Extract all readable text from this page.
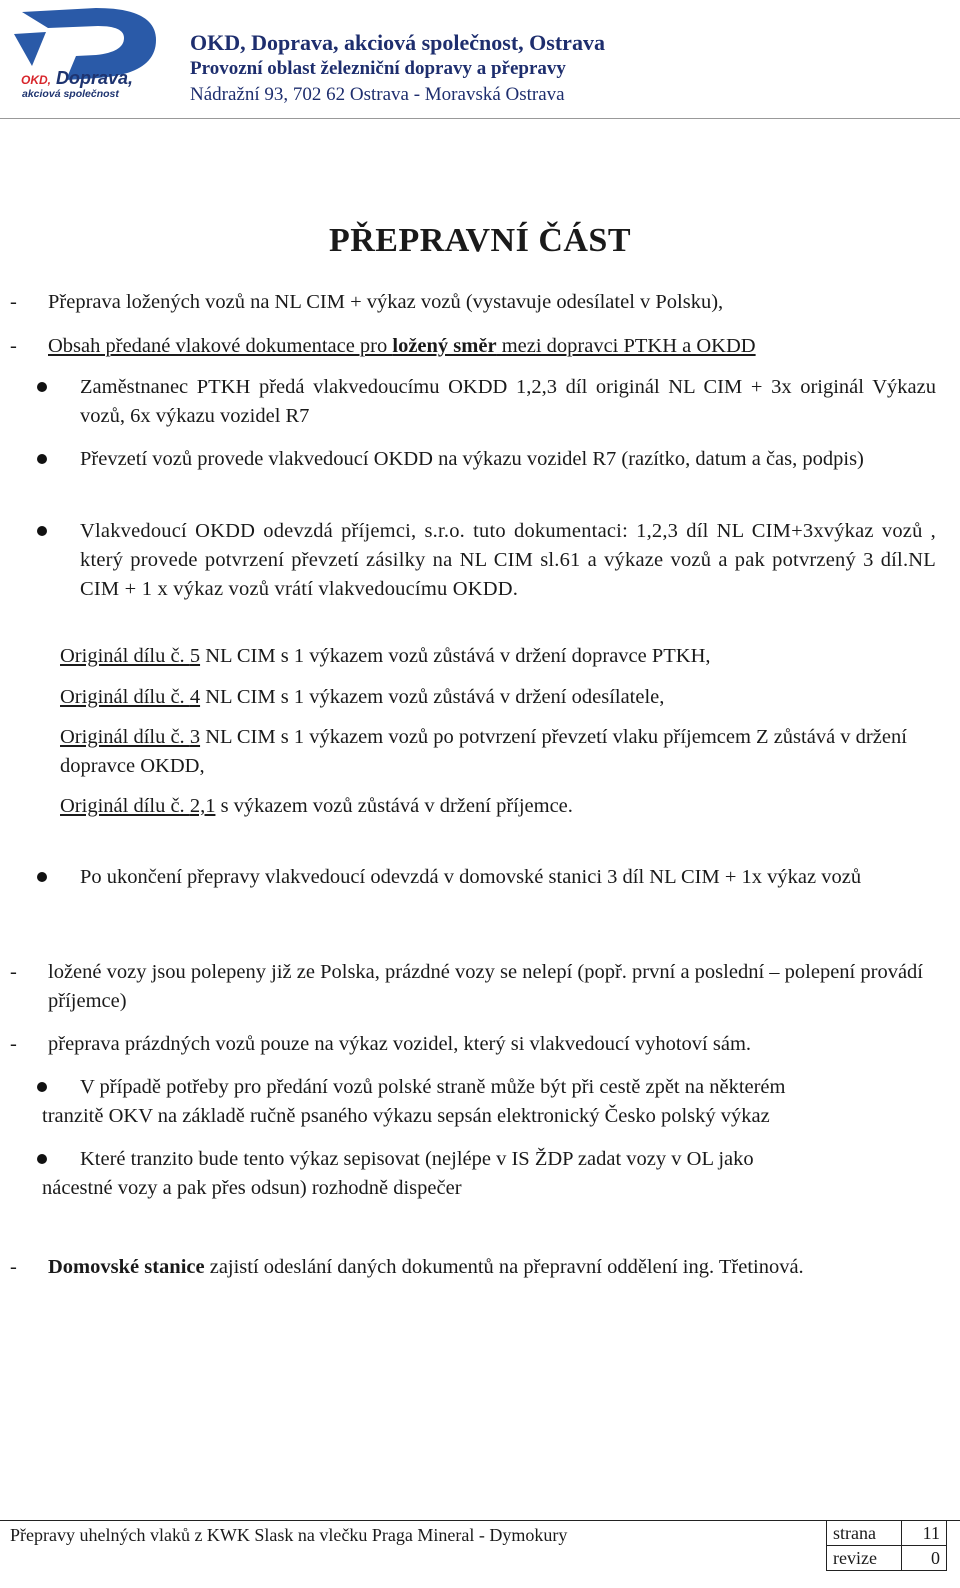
OKD, Doprava,
akciová společnost
OKD, Doprava, akciová společnost, Ostrava
Provozní oblast železniční dopravy a přepravy
Nádražní 93, 702 62 Ostrava - Moravská Ostrava
PŘEPRAVNÍ ČÁST
- Přeprava ložených vozů na NL CIM + výkaz vozů (vystavuje odesílatel v Polsku),
- Obsah předané vlakové dokumentace pro ložený směr mezi dopravci PTKH a OKDD
Zaměstnanec PTKH předá vlakvedoucímu OKDD 1,2,3 díl originál NL CIM + 3x originál Výkazu vozů, 6x výkazu vozidel R7
Převzetí vozů provede vlakvedoucí OKDD na výkazu vozidel R7 (razítko, datum a čas, podpis)
Vlakvedoucí OKDD odevzdá příjemci, s.r.o. tuto dokumentaci: 1,2,3 díl NL CIM+3xvýkaz vozů , který provede potvrzení převzetí zásilky na NL CIM sl.61 a výkaze vozů a pak potvrzený 3 díl.NL CIM + 1 x výkaz vozů vrátí vlakvedoucímu OKDD.
Originál dílu č. 5 NL CIM s 1 výkazem vozů zůstává v držení dopravce PTKH,
Originál dílu č. 4 NL CIM s 1 výkazem vozů zůstává v držení odesílatele,
Originál dílu č. 3 NL CIM s 1 výkazem vozů po potvrzení převzetí vlaku příjemcem Z zůstává v držení dopravce OKDD,
Originál dílu č. 2,1 s výkazem vozů zůstává v držení příjemce.
Po ukončení přepravy vlakvedoucí odevzdá v domovské stanici 3 díl NL CIM + 1x výkaz vozů
- ložené vozy jsou polepeny již ze Polska, prázdné vozy se nelepí (popř. první a poslední – polepení provádí příjemce)
- přeprava prázdných vozů pouze na výkaz vozidel, který si vlakvedoucí vyhotoví sám.
V případě potřeby pro předání vozů polské straně může být při cestě zpět na některém
tranzitě OKV na základě ručně psaného výkazu sepsán elektronický Česko polský výkaz
Které tranzito bude tento výkaz sepisovat (nejlépe v IS ŽDP zadat vozy v OL jako
nácestné vozy a pak přes odsun) rozhodně dispečer
- Domovské stanice zajistí odeslání daných dokumentů na přepravní oddělení ing. Třetinová.
Přepravy uhelných vlaků z KWK Slask na vlečku Praga Mineral - Dymokury	strana	11
revize	0
